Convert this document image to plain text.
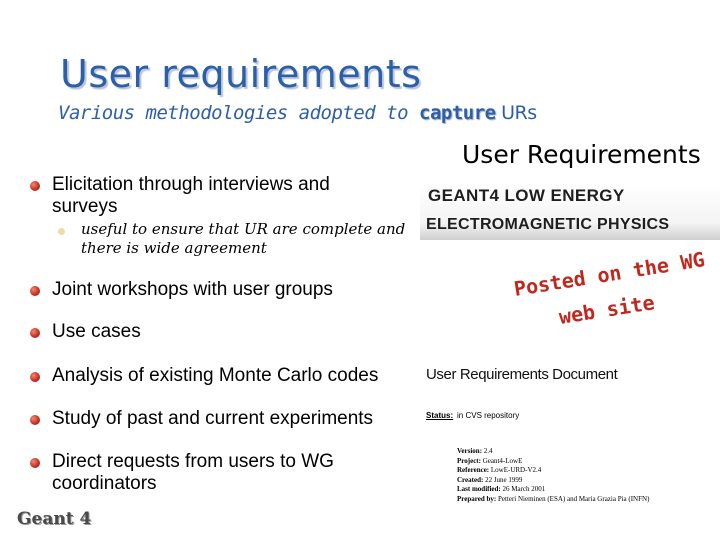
User requirements
Various methodologies adopted to capture URs
Elicitation through interviews and
surveys
useful to ensure that UR are complete and
there is wide agreement
Joint workshops with user groups
Use cases
Analysis of existing Monte Carlo codes
Study of past and current experiments
Direct requests from users to WG
coordinators
User Requirements
GEANT4 LOW ENERGY
ELECTROMAGNETIC PHYSICS
Posted on the WG
web site
User Requirements Document
Status: in CVS repository
Version: 2.4
Project: Geant4-LowE
Reference: LowE-URD-V2.4
Created: 22 June 1999
Last modified: 26 March 2001
Prepared by: Petteri Nieminen (ESA) and Maria Grazia Pia (INFN)
Geant 4
